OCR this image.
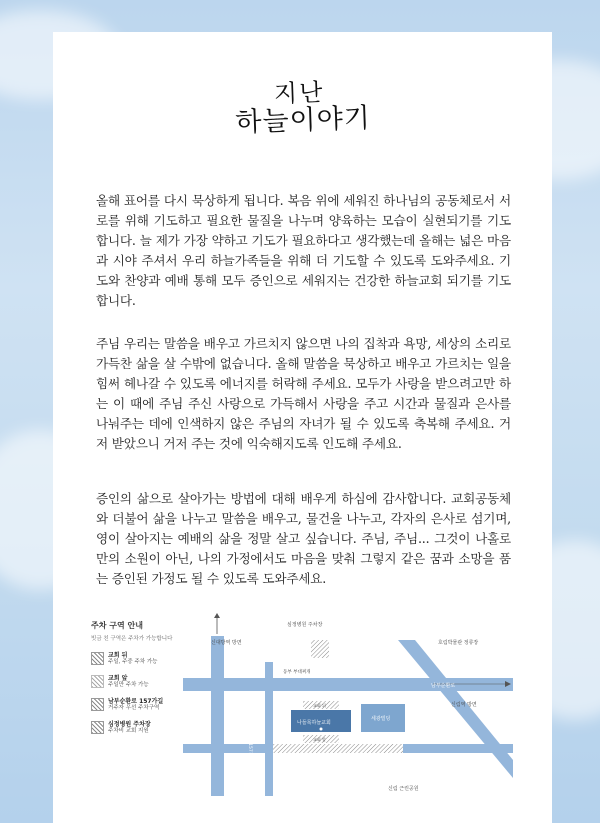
지난
하늘이야기

올해 표어를 다시 묵상하게 됩니다. 복음 위에 세워진 하나님의 공동체로서 서로를 위해 기도하고 필요한 물질을 나누며 양육하는 모습이 실현되기를 기도합니다. 늘 제가 가장 약하고 기도가 필요하다고 생각했는데 올해는 넓은 마음과 시야 주셔서 우리 하늘가족들을 위해 더 기도할 수 있도록 도와주세요. 기도와 찬양과 예배 통해 모두 증인으로 세워지는 건강한 하늘교회 되기를 기도합니다.

주님 우리는 말씀을 배우고 가르치지 않으면 나의 집착과 욕망, 세상의 소리로 가득찬 삶을 살 수밖에 없습니다. 올해 말씀을 묵상하고 배우고 가르치는 일을 힘써 헤나갈 수 있도록 에너지를 허락해 주세요. 모두가 사랑을 받으려고만 하는 이 때에 주님 주신 사랑으로 가득해서 사랑을 주고 시간과 물질과 은사를 나눠주는 데에 인색하지 않은 주님의 자녀가 될 수 있도록 축복해 주세요. 거저 받았으니 거저 주는 것에 익숙해지도록 인도해 주세요.

증인의 삶으로 살아가는 방법에 대해 배우게 하심에 감사합니다. 교회공동체와 더불어 삶을 나누고 말씀을 배우고, 물건을 나누고, 각자의 은사로 섬기며, 영이 살아지는 예배의 삶을 정말 살고 싶습니다. 주님, 주님... 그것이 나홀로만의 소원이 아닌, 나의 가정에서도 마음을 맞춰 그렇지 같은 꿈과 소망을 품는 증인된 가정도 될 수 있도록 도와주세요.

주차 구역 안내
빗금 친 구역은 주차가 가능합니다
교회 뒤
주일, 주중 주차 가능
교회 앞
주일만 주차 가능
남부순환로 157가길
거주자 우선 주차구역
심정병원 주차장
주차비 교회 지원
신대방역 방면
심정병원 주차장
동부 부대찌개
호림박물관 정류장
남부순환로
신림역 방면
남부순환로 157가길	나들목하늘교회
교회 뒤
교회 앞
세광빌딩
신림 근린공원
